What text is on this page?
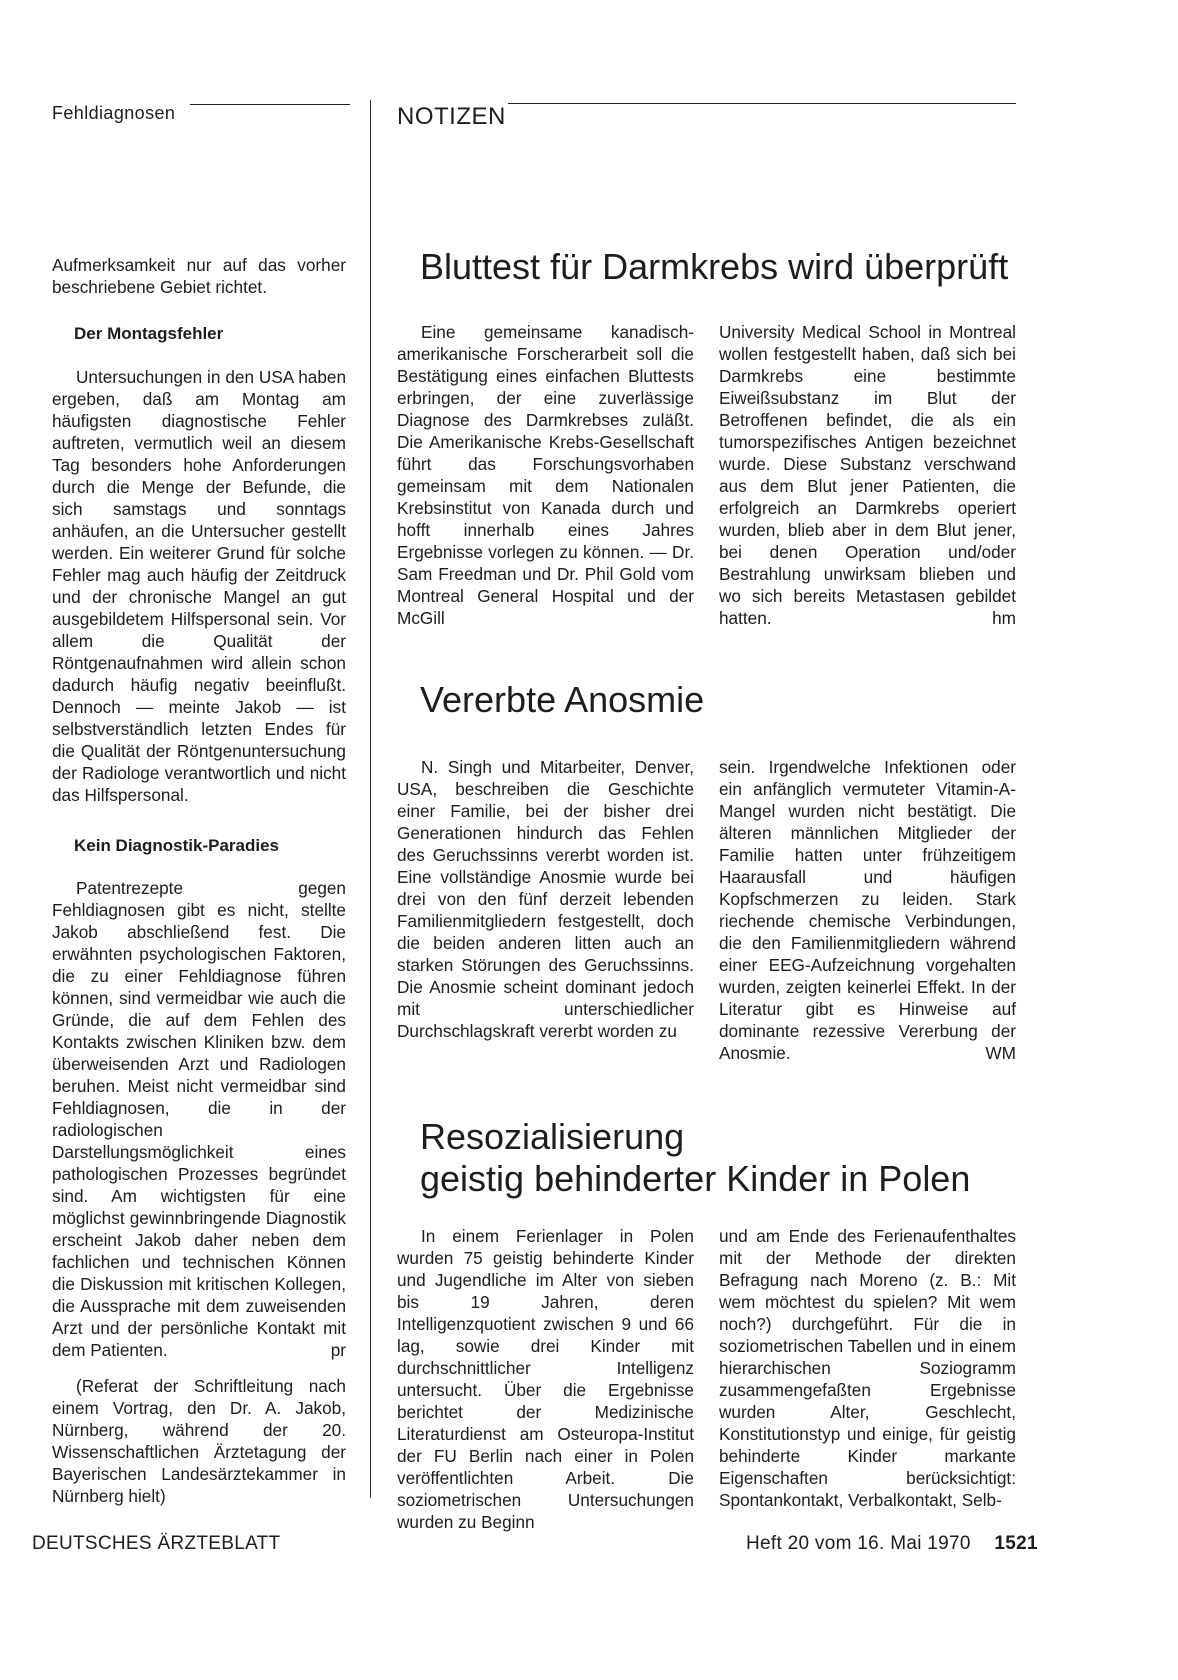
Fehldiagnosen	NOTIZEN

Aufmerksamkeit nur auf das vorher beschriebene Gebiet richtet.

Der Montagsfehler

Untersuchungen in den USA haben ergeben, daß am Montag am häufigsten diagnostische Fehler auftreten, vermutlich weil an diesem Tag besonders hohe Anforderungen durch die Menge der Befunde, die sich samstags und sonntags anhäufen, an die Untersucher gestellt werden. Ein weiterer Grund für solche Fehler mag auch häufig der Zeitdruck und der chronische Mangel an gut ausgebildetem Hilfspersonal sein. Vor allem die Qualität der Röntgenaufnahmen wird allein schon dadurch häufig negativ beeinflußt. Dennoch — meinte Jakob — ist selbstverständlich letzten Endes für die Qualität der Röntgenuntersuchung der Radiologe verantwortlich und nicht das Hilfspersonal.

Kein Diagnostik-Paradies

Patentrezepte gegen Fehldiagnosen gibt es nicht, stellte Jakob abschließend fest. Die erwähnten psychologischen Faktoren, die zu einer Fehldiagnose führen können, sind vermeidbar wie auch die Gründe, die auf dem Fehlen des Kontakts zwischen Kliniken bzw. dem überweisenden Arzt und Radiologen beruhen. Meist nicht vermeidbar sind Fehldiagnosen, die in der radiologischen Darstellungsmöglichkeit eines pathologischen Prozesses begründet sind. Am wichtigsten für eine möglichst gewinnbringende Diagnostik erscheint Jakob daher neben dem fachlichen und technischen Können die Diskussion mit kritischen Kollegen, die Aussprache mit dem zuweisenden Arzt und der persönliche Kontakt mit dem Patienten.	pr

(Referat der Schriftleitung nach einem Vortrag, den Dr. A. Jakob, Nürnberg, während der 20. Wissenschaftlichen Ärztetagung der Bayerischen Landesärztekammer in Nürnberg hielt)

Bluttest für Darmkrebs wird überprüft

Eine gemeinsame kanadisch-amerikanische Forscherarbeit soll die Bestätigung eines einfachen Bluttests erbringen, der eine zuverlässige Diagnose des Darmkrebses zuläßt. Die Amerikanische Krebs-Gesellschaft führt das Forschungsvorhaben gemeinsam mit dem Nationalen Krebsinstitut von Kanada durch und hofft innerhalb eines Jahres Ergebnisse vorlegen zu können. — Dr. Sam Freedman und Dr. Phil Gold vom Montreal General Hospital und der McGill

University Medical School in Montreal wollen festgestellt haben, daß sich bei Darmkrebs eine bestimmte Eiweißsubstanz im Blut der Betroffenen befindet, die als ein tumorspezifisches Antigen bezeichnet wurde. Diese Substanz verschwand aus dem Blut jener Patienten, die erfolgreich an Darmkrebs operiert wurden, blieb aber in dem Blut jener, bei denen Operation und/oder Bestrahlung unwirksam blieben und wo sich bereits Metastasen gebildet hatten.	hm

Vererbte Anosmie

N. Singh und Mitarbeiter, Denver, USA, beschreiben die Geschichte einer Familie, bei der bisher drei Generationen hindurch das Fehlen des Geruchssinns vererbt worden ist. Eine vollständige Anosmie wurde bei drei von den fünf derzeit lebenden Familienmitgliedern festgestellt, doch die beiden anderen litten auch an starken Störungen des Geruchssinns. Die Anosmie scheint dominant jedoch mit unterschiedlicher Durchschlagskraft vererbt worden zu

sein. Irgendwelche Infektionen oder ein anfänglich vermuteter Vitamin-A-Mangel wurden nicht bestätigt. Die älteren männlichen Mitglieder der Familie hatten unter frühzeitigem Haarausfall und häufigen Kopfschmerzen zu leiden. Stark riechende chemische Verbindungen, die den Familienmitgliedern während einer EEG-Aufzeichnung vorgehalten wurden, zeigten keinerlei Effekt. In der Literatur gibt es Hinweise auf dominante rezessive Vererbung der Anosmie.	WM

Resozialisierung
geistig behinderter Kinder in Polen

In einem Ferienlager in Polen wurden 75 geistig behinderte Kinder und Jugendliche im Alter von sieben bis 19 Jahren, deren Intelligenzquotient zwischen 9 und 66 lag, sowie drei Kinder mit durchschnittlicher Intelligenz untersucht. Über die Ergebnisse berichtet der Medizinische Literaturdienst am Osteuropa-Institut der FU Berlin nach einer in Polen veröffentlichten Arbeit. Die soziometrischen Untersuchungen wurden zu Beginn

und am Ende des Ferienaufenthaltes mit der Methode der direkten Befragung nach Moreno (z. B.: Mit wem möchtest du spielen? Mit wem noch?) durchgeführt. Für die in soziometrischen Tabellen und in einem hierarchischen Soziogramm zusammengefaßten Ergebnisse wurden Alter, Geschlecht, Konstitutionstyp und einige, für geistig behinderte Kinder markante Eigenschaften berücksichtigt: Spontankontakt, Verbalkontakt, Selb-

DEUTSCHES ÄRZTEBLATT	Heft 20 vom 16. Mai 1970 1521
